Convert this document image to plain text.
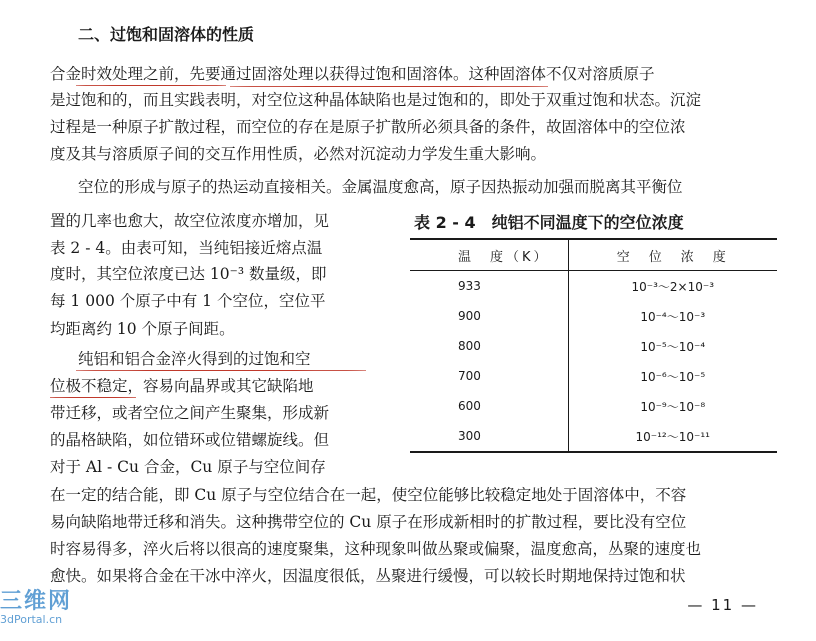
二、过饱和固溶体的性质
合金时效处理之前，先要通过固溶处理以获得过饱和固溶体。这种固溶体不仅对溶质原子
是过饱和的，而且实践表明，对空位这种晶体缺陷也是过饱和的，即处于双重过饱和状态。沉淀
过程是一种原子扩散过程，而空位的存在是原子扩散所必须具备的条件，故固溶体中的空位浓
度及其与溶质原子间的交互作用性质，必然对沉淀动力学发生重大影响。
空位的形成与原子的热运动直接相关。金属温度愈高，原子因热振动加强而脱离其平衡位
置的几率也愈大，故空位浓度亦增加，见
表 2 - 4。由表可知，当纯铝接近熔点温
度时，其空位浓度已达 10⁻³ 数量级，即
每 1 000 个原子中有 1 个空位，空位平
均距离约 10 个原子间距。
纯铝和铝合金淬火得到的过饱和空
位极不稳定，容易向晶界或其它缺陷地
带迁移，或者空位之间产生聚集，形成新
的晶格缺陷，如位错环或位错螺旋线。但
对于 Al - Cu 合金，Cu 原子与空位间存
在一定的结合能，即 Cu 原子与空位结合在一起，使空位能够比较稳定地处于固溶体中，不容
易向缺陷地带迁移和消失。这种携带空位的 Cu 原子在形成新相时的扩散过程，要比没有空位
时容易得多，淬火后将以很高的速度聚集，这种现象叫做丛聚或偏聚，温度愈高，丛聚的速度也
愈快。如果将合金在干冰中淬火，因温度很低，丛聚进行缓慢，可以较长时期地保持过饱和状
表 2 - 4　纯铝不同温度下的空位浓度
温　度（K）	空　位　浓　度
933	10⁻³～2×10⁻³
900	10⁻⁴～10⁻³
800	10⁻⁵～10⁻⁴
700	10⁻⁶～10⁻⁵
600	10⁻⁹～10⁻⁸
300	10⁻¹²～10⁻¹¹
— 11 —
三维网
3dPortal.cn
